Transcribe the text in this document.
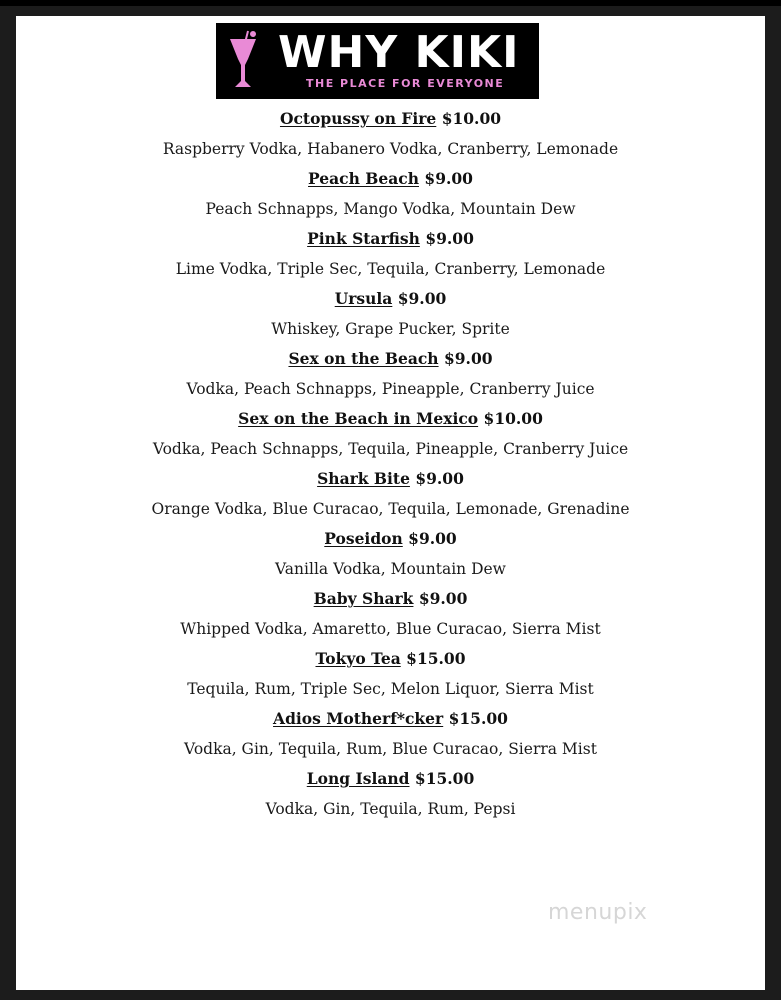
WHY KIKI
THE PLACE FOR EVERYONE
Octopussy on Fire $10.00
Raspberry Vodka, Habanero Vodka, Cranberry, Lemonade
Peach Beach $9.00
Peach Schnapps, Mango Vodka, Mountain Dew
Pink Starfish $9.00
Lime Vodka, Triple Sec, Tequila, Cranberry, Lemonade
Ursula $9.00
Whiskey, Grape Pucker, Sprite
Sex on the Beach $9.00
Vodka, Peach Schnapps, Pineapple, Cranberry Juice
Sex on the Beach in Mexico $10.00
Vodka, Peach Schnapps, Tequila, Pineapple, Cranberry Juice
Shark Bite $9.00
Orange Vodka, Blue Curacao, Tequila, Lemonade, Grenadine
Poseidon $9.00
Vanilla Vodka, Mountain Dew
Baby Shark $9.00
Whipped Vodka, Amaretto, Blue Curacao, Sierra Mist
Tokyo Tea $15.00
Tequila, Rum, Triple Sec, Melon Liquor, Sierra Mist
Adios Motherf*cker $15.00
Vodka, Gin, Tequila, Rum, Blue Curacao, Sierra Mist
Long Island $15.00
Vodka, Gin, Tequila, Rum, Pepsi
menupix
